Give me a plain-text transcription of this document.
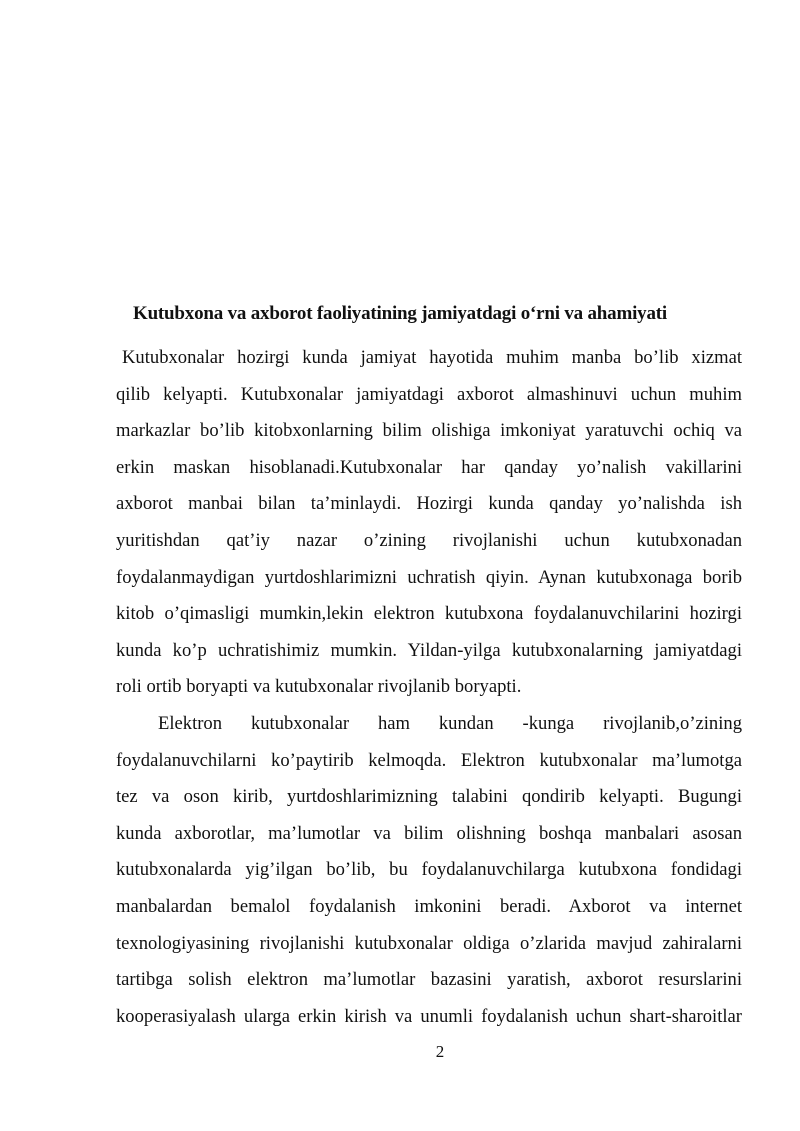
Kutubxona va axborot faoliyatining jamiyatdagi o‘rni va ahamiyati
Kutubxonalar hozirgi kunda jamiyat hayotida muhim manba bo’lib xizmat
qilib kelyapti. Kutubxonalar jamiyatdagi axborot almashinuvi uchun muhim
markazlar bo’lib kitobxonlarning bilim olishiga imkoniyat yaratuvchi ochiq va
erkin maskan hisoblanadi.Kutubxonalar har qanday yo’nalish vakillarini
axborot manbai bilan ta’minlaydi. Hozirgi kunda qanday yo’nalishda ish
yuritishdan qat’iy nazar o’zining rivojlanishi uchun kutubxonadan
foydalanmaydigan yurtdoshlarimizni uchratish qiyin. Aynan kutubxonaga borib
kitob o’qimasligi mumkin,lekin elektron kutubxona foydalanuvchilarini hozirgi
kunda ko’p uchratishimiz mumkin. Yildan-yilga kutubxonalarning jamiyatdagi
roli ortib boryapti va kutubxonalar rivojlanib boryapti.
Elektron kutubxonalar ham kundan -kunga rivojlanib,o’zining
foydalanuvchilarni ko’paytirib kelmoqda. Elektron kutubxonalar ma’lumotga
tez va oson kirib, yurtdoshlarimizning talabini qondirib kelyapti. Bugungi
kunda axborotlar, ma’lumotlar va bilim olishning boshqa manbalari asosan
kutubxonalarda yig’ilgan bo’lib, bu foydalanuvchilarga kutubxona fondidagi
manbalardan bemalol foydalanish imkonini beradi. Axborot va internet
texnologiyasining rivojlanishi kutubxonalar oldiga o’zlarida mavjud zahiralarni
tartibga solish elektron ma’lumotlar bazasini yaratish, axborot resurslarini
kooperasiyalash ularga erkin kirish va unumli foydalanish uchun shart-sharoitlar
2
